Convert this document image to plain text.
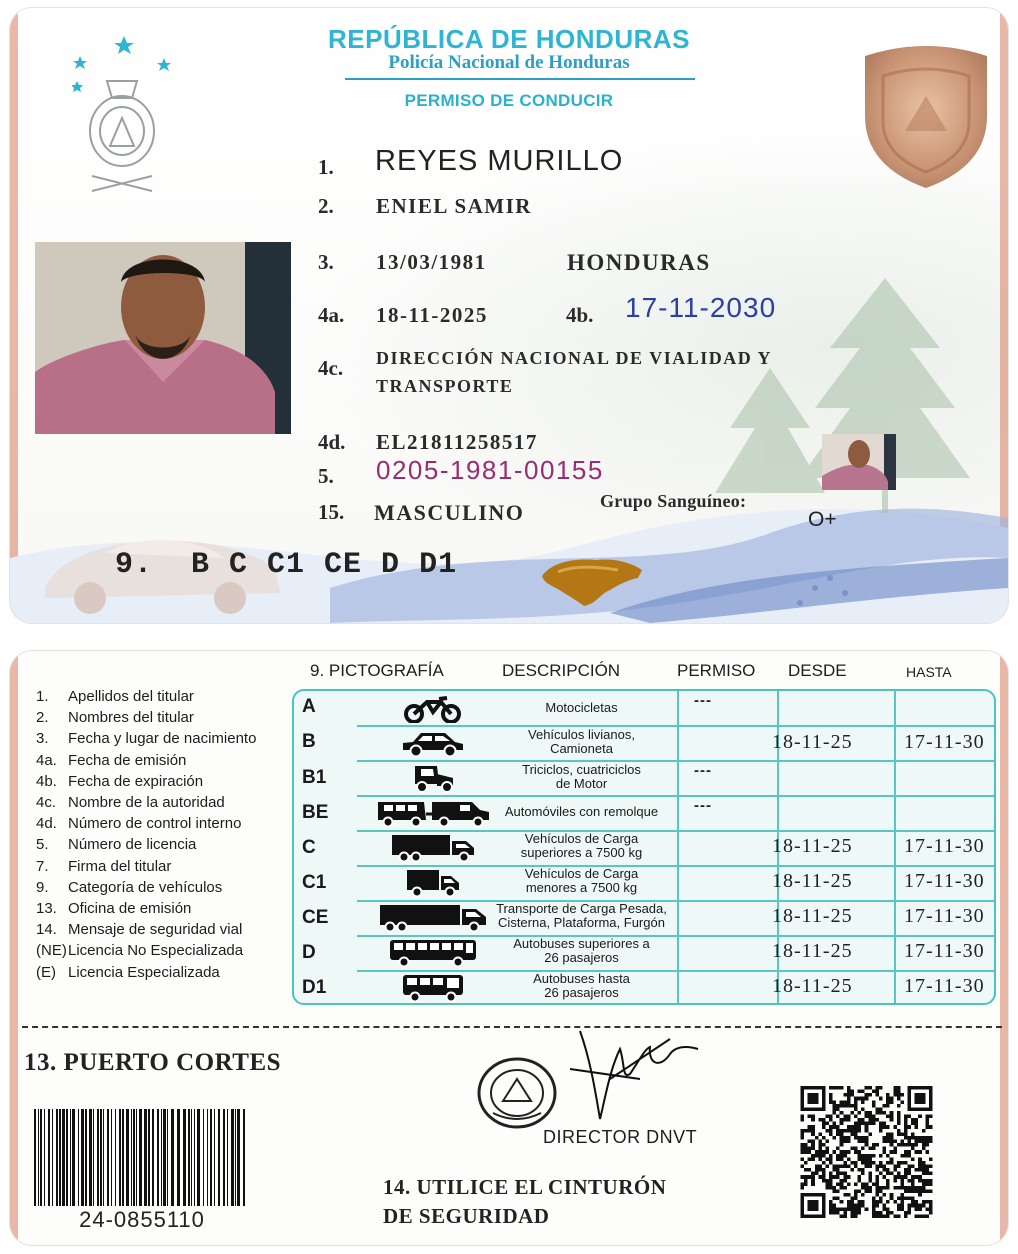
REPÚBLICA DE HONDURAS
Policía Nacional de Honduras
PERMISO DE CONDUCIR
1. REYES MURILLO
2. ENIEL SAMIR
3. 13/03/1981	HONDURAS
4a. 18-11-2025	4b. 17-11-2030
4c. DIRECCIÓN NACIONAL DE VIALIDAD Y
TRANSPORTE
4d. EL21811258517
5. 0205-1981-00155
15. MASCULINO	Grupo Sanguíneo:
O+
9. B C C1 CE D D1
1.	Apellidos del titular
2.	Nombres del titular
3.	Fecha y lugar de nacimiento
4a. Fecha de emisión
4b. Fecha de expiración
4c. Nombre de la autoridad
4d. Número de control interno
5.	Número de licencia
7.	Firma del titular
9.	Categoría de vehículos
13. Oficina de emisión
14. Mensaje de seguridad vial
(NE) Licencia No Especializada
(E) Licencia Especializada
9. PICTOGRAFÍA	DESCRIPCIÓN	PERMISO DESDE	HASTA
A	Motocicletas	---
B	Vehículos livianos,
Camioneta	18-11-25	17-11-30
B1	Triciclos, cuatriciclos
de Motor
---
BE	Automóviles con remolque	---
C	Vehículos de Carga
superiores a 7500 kg	18-11-25	17-11-30
C1	Vehículos de Carga
menores a 7500 kg	18-11-25	17-11-30
CE	Transporte de Carga Pesada,
Cisterna, Plataforma, Furgón	18-11-25	17-11-30
D	Autobuses superiores a
26 pasajeros	18-11-25	17-11-30
D1	Autobuses hasta
26 pasajeros	18-11-25	17-11-30
13. PUERTO CORTES
24-0855110
DIRECTOR DNVT
14. UTILICE EL CINTURÓN
DE SEGURIDAD
